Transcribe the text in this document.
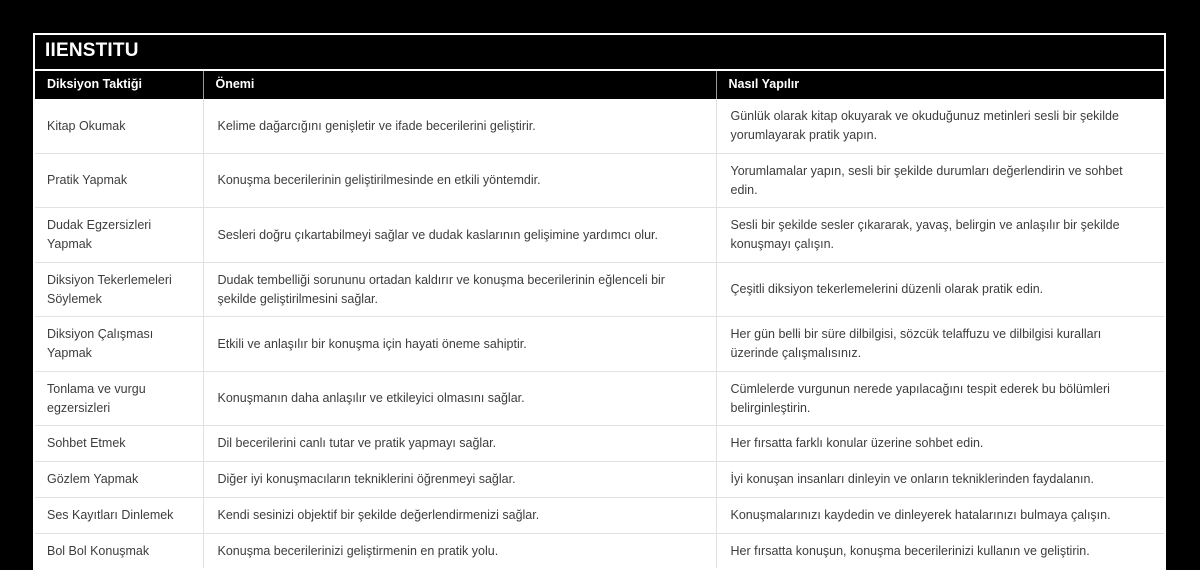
IIENSTITU
Diksiyon Taktiği	Önemi	Nasıl Yapılır
Kitap Okumak	Kelime dağarcığını genişletir ve ifade becerilerini geliştirir.	Günlük olarak kitap okuyarak ve okuduğunuz metinleri sesli bir şekilde yorumlayarak pratik yapın.
Pratik Yapmak	Konuşma becerilerinin geliştirilmesinde en etkili yöntemdir.	Yorumlamalar yapın, sesli bir şekilde durumları değerlendirin ve sohbet edin.
Dudak Egzersizleri Yapmak	Sesleri doğru çıkartabilmeyi sağlar ve dudak kaslarının gelişimine yardımcı olur.	Sesli bir şekilde sesler çıkararak, yavaş, belirgin ve anlaşılır bir şekilde konuşmayı çalışın.
Diksiyon Tekerlemeleri Söylemek	Dudak tembelliği sorununu ortadan kaldırır ve konuşma becerilerinin eğlenceli bir şekilde geliştirilmesini sağlar.	Çeşitli diksiyon tekerlemelerini düzenli olarak pratik edin.
Diksiyon Çalışması Yapmak	Etkili ve anlaşılır bir konuşma için hayati öneme sahiptir.	Her gün belli bir süre dilbilgisi, sözcük telaffuzu ve dilbilgisi kuralları üzerinde çalışmalısınız.
Tonlama ve vurgu egzersizleri	Konuşmanın daha anlaşılır ve etkileyici olmasını sağlar.	Cümlelerde vurgunun nerede yapılacağını tespit ederek bu bölümleri belirginleştirin.
Sohbet Etmek	Dil becerilerini canlı tutar ve pratik yapmayı sağlar.	Her fırsatta farklı konular üzerine sohbet edin.
Gözlem Yapmak	Diğer iyi konuşmacıların tekniklerini öğrenmeyi sağlar.	İyi konuşan insanları dinleyin ve onların tekniklerinden faydalanın.
Ses Kayıtları Dinlemek	Kendi sesinizi objektif bir şekilde değerlendirmenizi sağlar.	Konuşmalarınızı kaydedin ve dinleyerek hatalarınızı bulmaya çalışın.
Bol Bol Konuşmak	Konuşma becerilerinizi geliştirmenin en pratik yolu.	Her fırsatta konuşun, konuşma becerilerinizi kullanın ve geliştirin.
